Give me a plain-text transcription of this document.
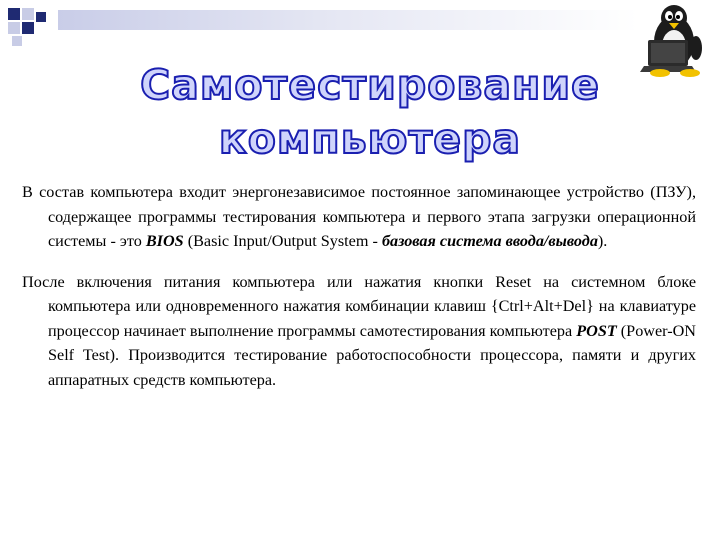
Самотестирование
компьютера

В состав компьютера входит энергонезависимое постоянное запоминающее устройство (ПЗУ), содержащее программы тестирования компьютера и первого этапа загрузки операционной системы - это BIOS (Basic Input/Output System - базовая система ввода/вывода).

После включения питания компьютера или нажатия кнопки Reset на системном блоке компьютера или одновременного нажатия комбинации клавиш {Ctrl+Alt+Del} на клавиатуре процессор начинает выполнение программы самотестирования компьютера POST (Power-ON Self Test). Производится тестирование работоспособности процессора, памяти и других аппаратных средств компьютера.
